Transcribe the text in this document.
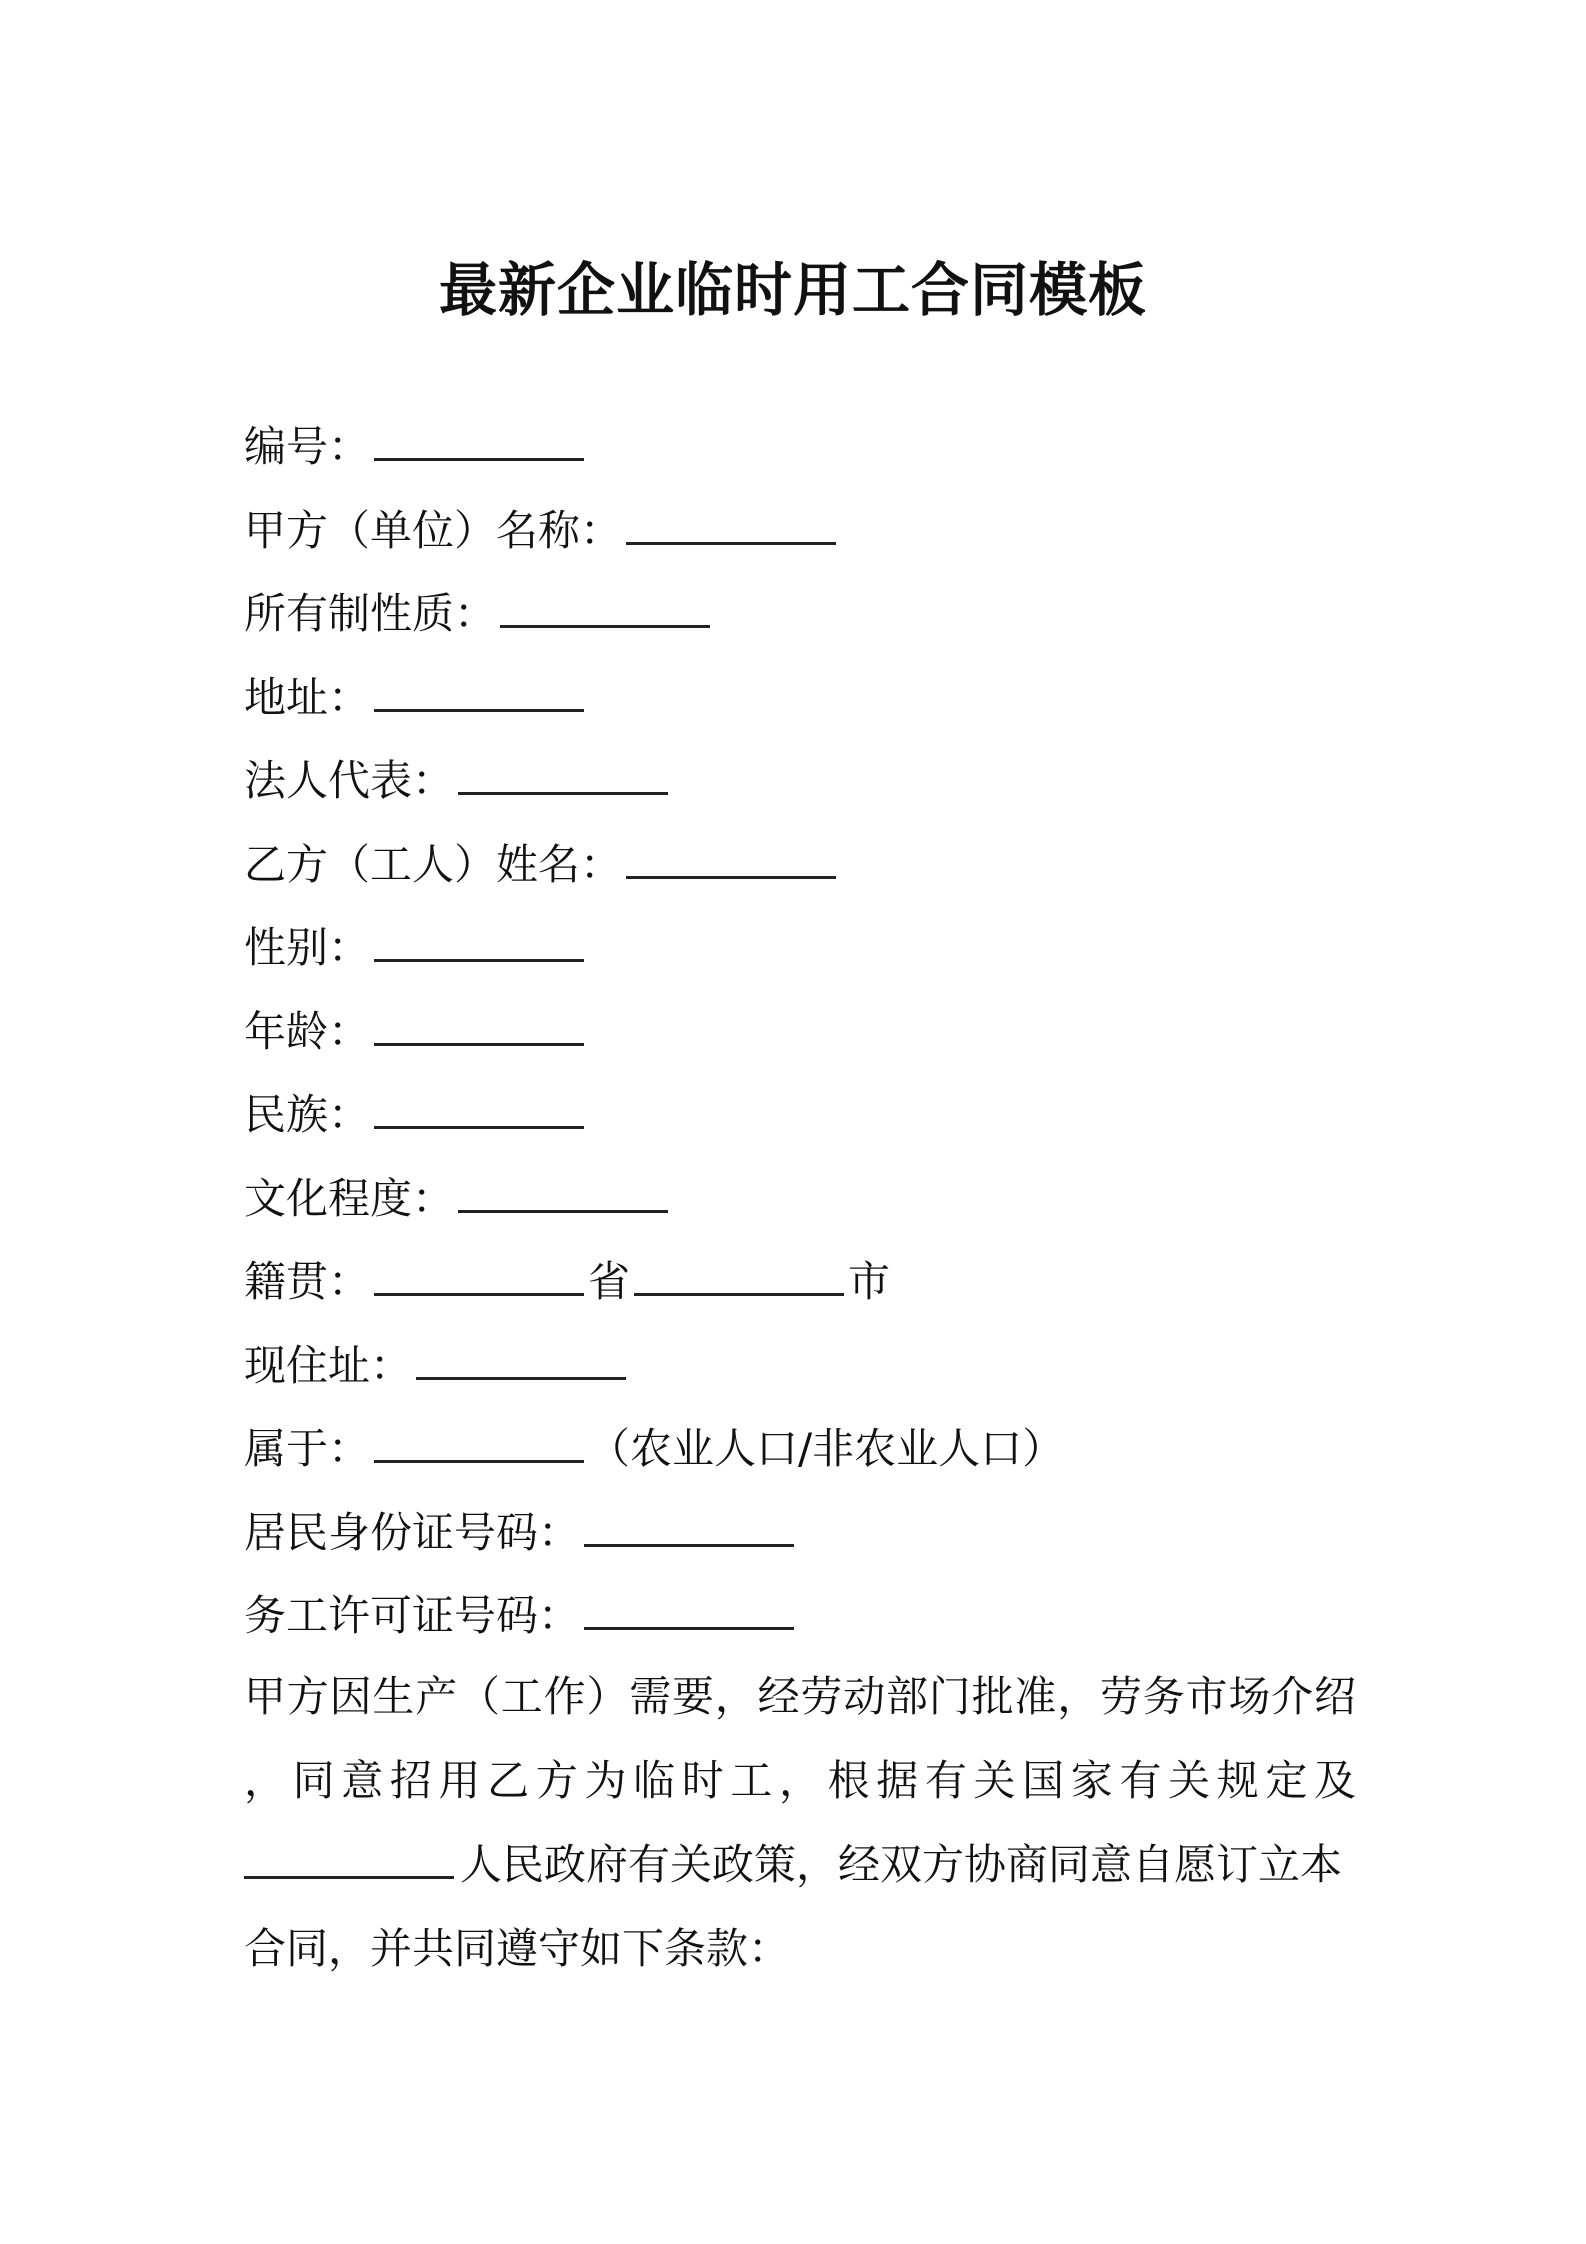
最新企业临时用工合同模板
编号：
甲方（单位）名称：
所有制性质：
地址：
法人代表：
乙方（工人）姓名：
性别：
年龄：
民族：
文化程度：
籍贯：	省	市
现住址：
属于：	（农业人口/非农业人口）
居民身份证号码：
务工许可证号码：
甲方因生产（工作）需要，经劳动部门批准，劳务市场介绍
，同意招用乙方为临时工，根据有关国家有关规定及
人民政府有关政策，经双方协商同意自愿订立本
合同，并共同遵守如下条款：
